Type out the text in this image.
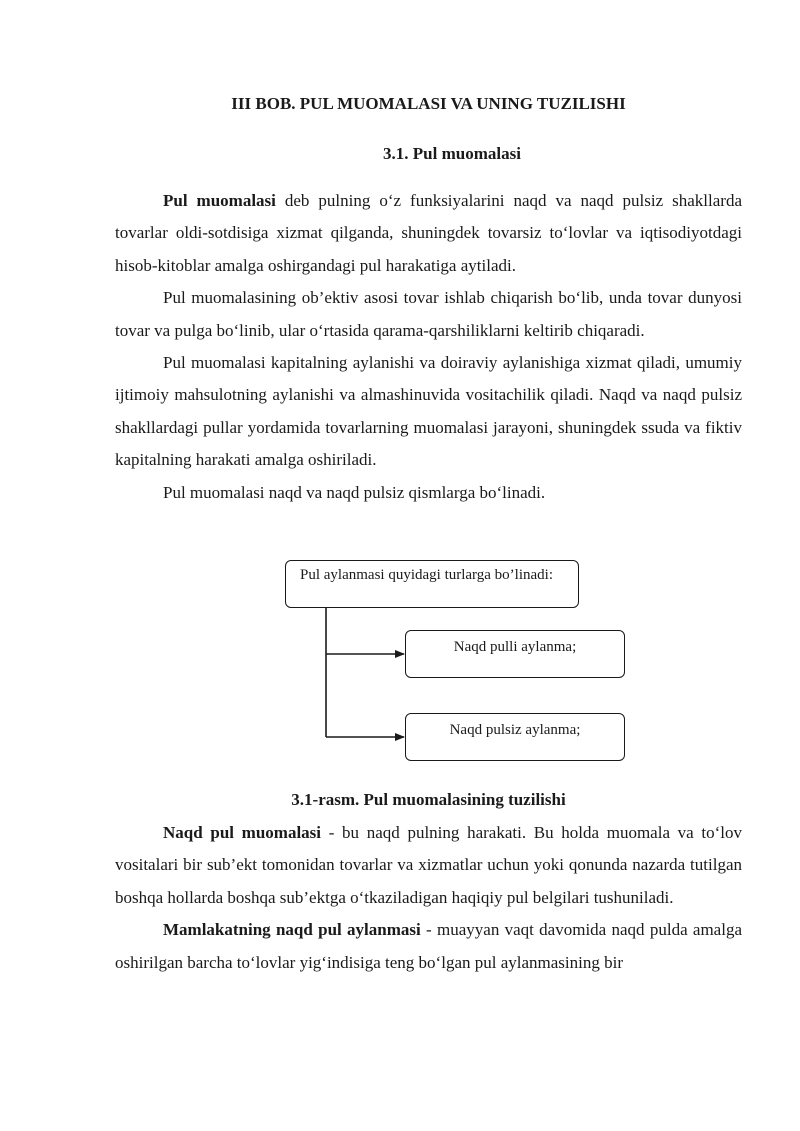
III BOB. PUL MUOMALASI VA UNING TUZILISHI
3.1. Pul muomalasi

Pul muomalasi deb pulning o‘z funksiyalarini naqd va naqd pulsiz shakllarda tovarlar oldi-sotdisiga xizmat qilganda, shuningdek tovarsiz to‘lovlar va iqtisodiyotdagi hisob-kitoblar amalga oshirgandagi pul harakatiga aytiladi.

Pul muomalasining ob’ektiv asosi tovar ishlab chiqarish bo‘lib, unda tovar dunyosi tovar va pulga bo‘linib, ular o‘rtasida qarama-qarshiliklarni keltirib chiqaradi.

Pul muomalasi kapitalning aylanishi va doiraviy aylanishiga xizmat qiladi, umumiy ijtimoiy mahsulotning aylanishi va almashinuvida vositachilik qiladi. Naqd va naqd pulsiz shakllardagi pullar yordamida tovarlarning muomalasi jarayoni, shuningdek ssuda va fiktiv kapitalning harakati amalga oshiriladi.

Pul muomalasi naqd va naqd pulsiz qismlarga bo‘linadi.

Pul aylanmasi quyidagi turlarga bo’linadi:
Naqd pulli aylanma;
Naqd pulsiz aylanma;
3.1-rasm. Pul muomalasining tuzilishi

Naqd pul muomalasi - bu naqd pulning harakati. Bu holda muomala va to‘lov vositalari bir sub’ekt tomonidan tovarlar va xizmatlar uchun yoki qonunda nazarda tutilgan boshqa hollarda boshqa sub’ektga o‘tkaziladigan haqiqiy pul belgilari tushuniladi.

Mamlakatning naqd pul aylanmasi - muayyan vaqt davomida naqd pulda amalga oshirilgan barcha to‘lovlar yig‘indisiga teng bo‘lgan pul aylanmasining bir
